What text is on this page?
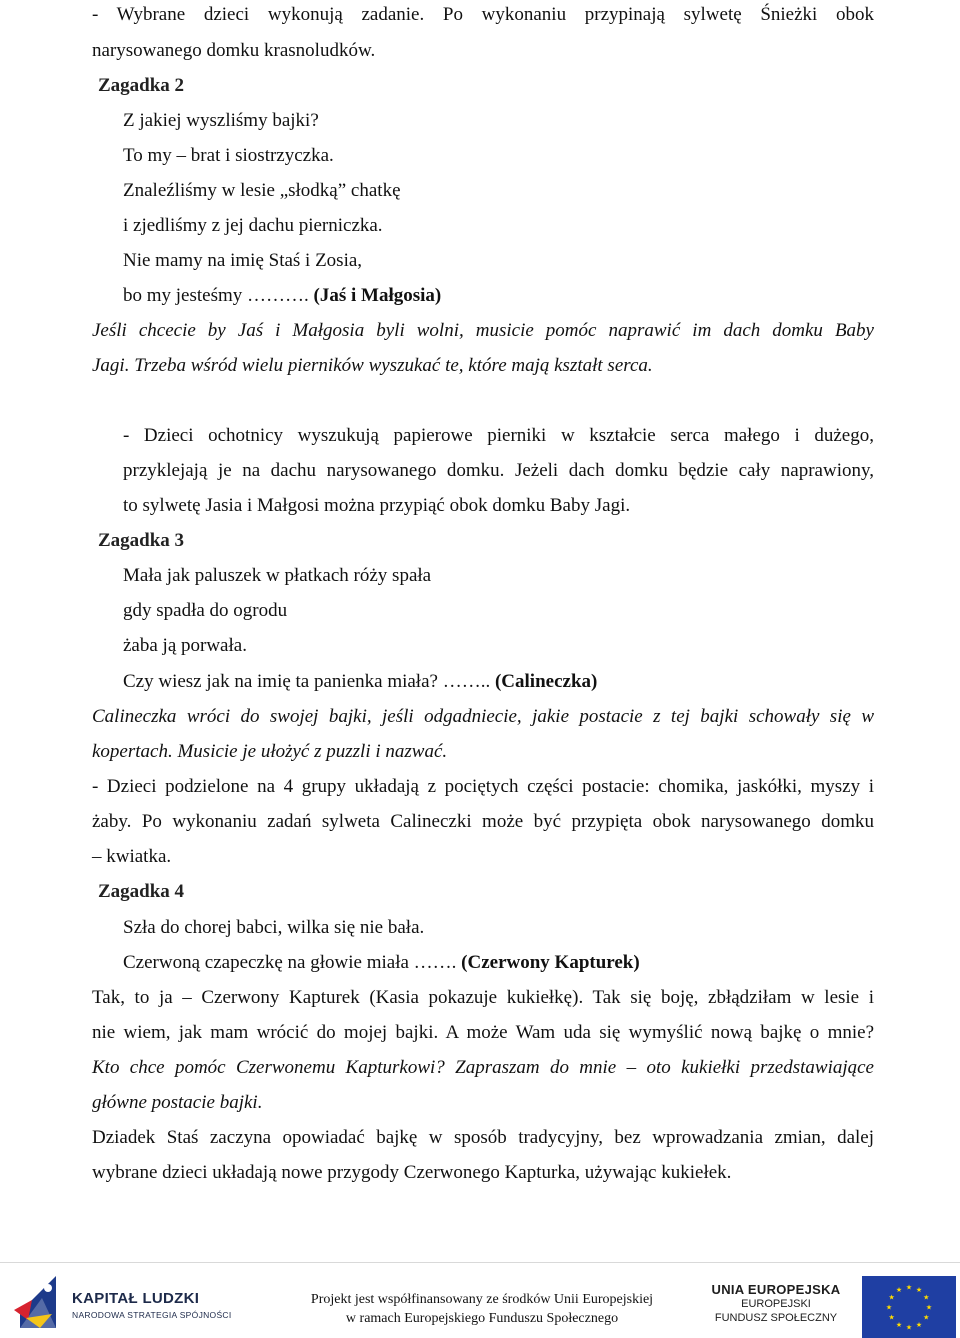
- Wybrane dzieci wykonują zadanie. Po wykonaniu przypinają sylwetę Śnieżki obok
narysowanego domku krasnoludków.
Zagadka 2
Z jakiej wyszliśmy bajki?
To my – brat i siostrzyczka.
Znaleźliśmy w lesie „słodką” chatkę
i zjedliśmy z jej dachu pierniczka.
Nie mamy na imię Staś i Zosia,
bo my jesteśmy ………. (Jaś i Małgosia)
Jeśli chcecie by Jaś i Małgosia byli wolni, musicie pomóc naprawić im dach domku Baby
Jagi. Trzeba wśród wielu pierników wyszukać te, które mają kształt serca.
- Dzieci ochotnicy wyszukują papierowe pierniki w kształcie serca małego i dużego,
przyklejają je na dachu narysowanego domku. Jeżeli dach domku będzie cały naprawiony,
to sylwetę Jasia i Małgosi można przypiąć obok domku Baby Jagi.
Zagadka 3
Mała jak paluszek w płatkach róży spała
gdy spadła do ogrodu
żaba ją porwała.
Czy wiesz jak na imię ta panienka miała? …….. (Calineczka)
Calineczka wróci do swojej bajki, jeśli odgadniecie, jakie postacie z tej bajki schowały się w
kopertach. Musicie je ułożyć z puzzli i nazwać.
- Dzieci podzielone na 4 grupy układają z pociętych części postacie: chomika, jaskółki, myszy i
żaby. Po wykonaniu zadań sylweta Calineczki może być przypięta obok narysowanego domku
– kwiatka.
Zagadka 4
Szła do chorej babci, wilka się nie bała.
Czerwoną czapeczkę na głowie miała ……. (Czerwony Kapturek)
Tak, to ja – Czerwony Kapturek (Kasia pokazuje kukiełkę). Tak się boję, zbłądziłam w lesie i
nie wiem, jak mam wrócić do mojej bajki. A może Wam uda się wymyślić nową bajkę o mnie?
Kto chce pomóc Czerwonemu Kapturkowi? Zapraszam do mnie – oto kukiełki przedstawiające
główne postacie bajki.
Dziadek Staś zaczyna opowiadać bajkę w sposób tradycyjny, bez wprowadzania zmian, dalej
wybrane dzieci układają nowe przygody Czerwonego Kapturka, używając kukiełek.
KAPITAŁ LUDZKI
NARODOWA STRATEGIA SPÓJNOŚCI
Projekt jest współfinansowany ze środków Unii Europejskiej
w ramach Europejskiego Funduszu Społecznego
UNIA EUROPEJSKA
EUROPEJSKI
FUNDUSZ SPOŁECZNY
★ ★
★
★
★
★
★
★
★
★
★
★
